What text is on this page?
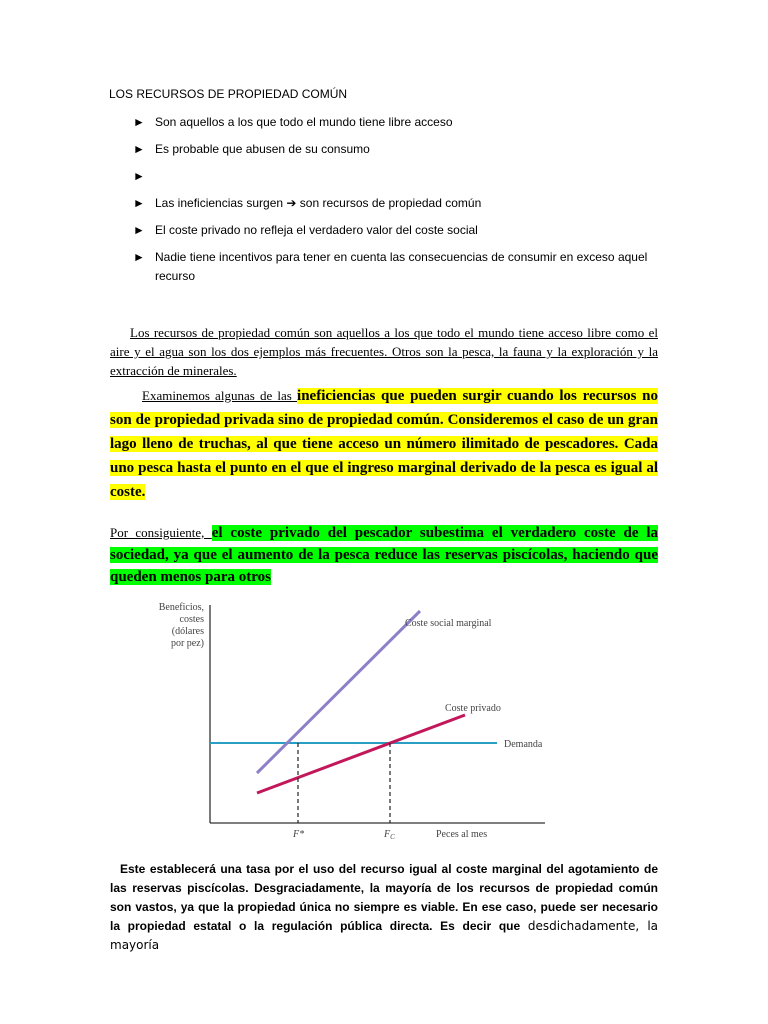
LOS RECURSOS DE PROPIEDAD COMÚN
► Son aquellos a los que todo el mundo tiene libre acceso
► Es probable que abusen de su consumo
►
► Las ineficiencias surgen ➔ son recursos de propiedad común
► El coste privado no refleja el verdadero valor del coste social
► Nadie tiene incentivos para tener en cuenta las consecuencias de consumir en exceso aquel recurso

Los recursos de propiedad común son aquellos a los que todo el mundo tiene acceso libre como el aire y el agua son los dos ejemplos más frecuentes. Otros son la pesca, la fauna y la exploración y la extracción de minerales.

Examinemos algunas de las ineficiencias que pueden surgir cuando los recursos no son de propiedad privada sino de propiedad común. Consideremos el caso de un gran lago lleno de truchas, al que tiene acceso un número ilimitado de pescadores. Cada uno pesca hasta el punto en el que el ingreso marginal derivado de la pesca es igual al coste.

Por consiguiente, el coste privado del pescador subestima el verdadero coste de la sociedad, ya que el aumento de la pesca reduce las reservas piscícolas, haciendo que queden menos para otros

Beneficios,
costes
(dólares
por pez)
Coste social marginal
Coste privado
Demanda
Peces al mes
F*	$F_C$

Este establecerá una tasa por el uso del recurso igual al coste marginal del agotamiento de las reservas piscícolas. Desgraciadamente, la mayoría de los recursos de propiedad común son vastos, ya que la propiedad única no siempre es viable. En ese caso, puede ser necesario la propiedad estatal o la regulación pública directa. Es decir que desdichadamente, la mayoría
